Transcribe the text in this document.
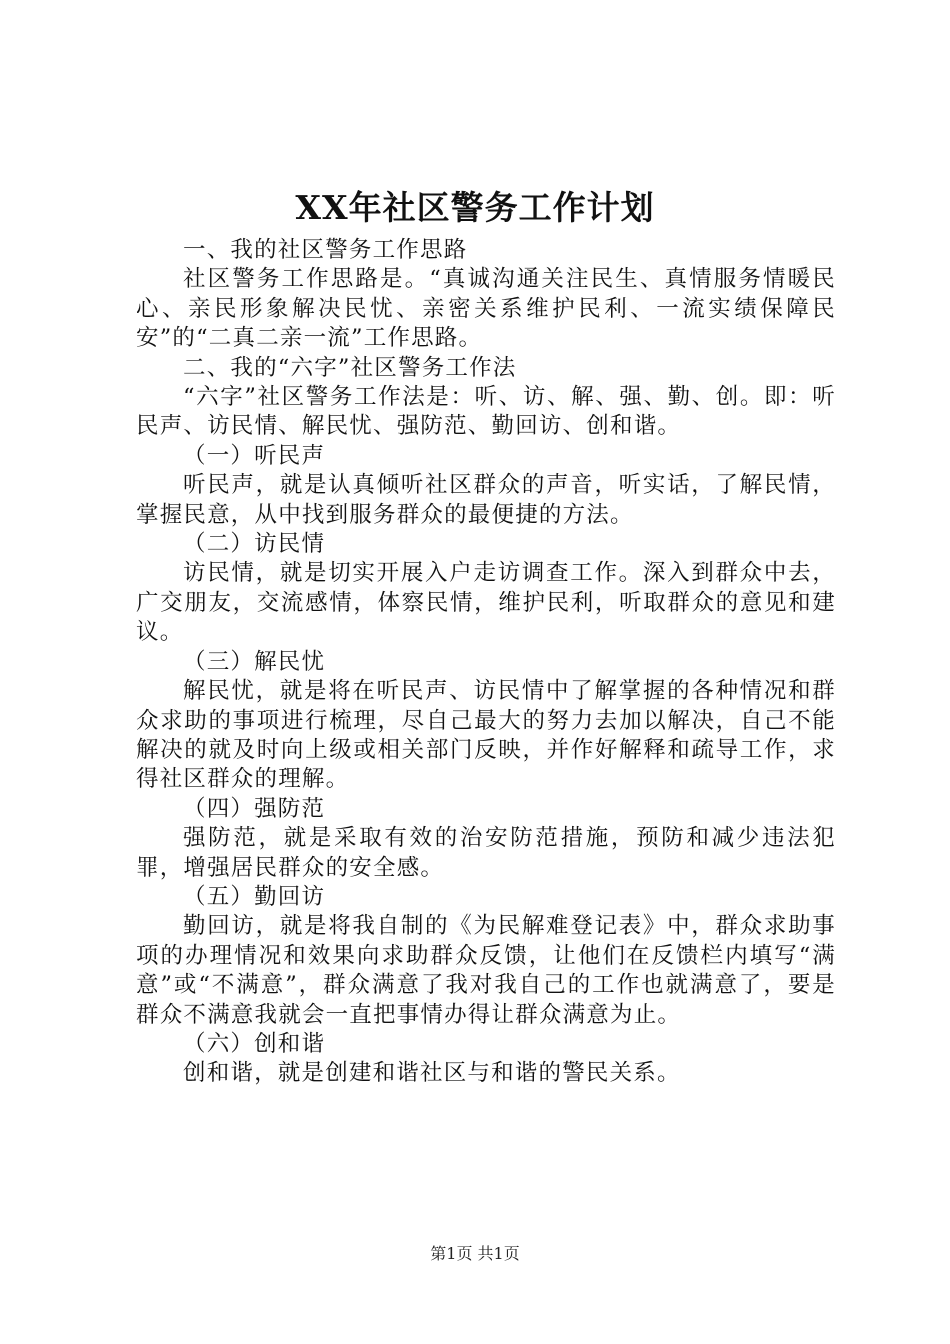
XX年社区警务工作计划

一、我的社区警务工作思路

社区警务工作思路是。“真诚沟通关注民生、真情服务情暖民心、亲民形象解决民忧、亲密关系维护民利、一流实绩保障民安”的“二真二亲一流”工作思路。

二、我的“六字”社区警务工作法

“六字”社区警务工作法是：听、访、解、强、勤、创。即：听民声、访民情、解民忧、强防范、勤回访、创和谐。

（一）听民声

听民声，就是认真倾听社区群众的声音，听实话，了解民情，掌握民意，从中找到服务群众的最便捷的方法。

（二）访民情

访民情，就是切实开展入户走访调查工作。深入到群众中去，广交朋友，交流感情，体察民情，维护民利，听取群众的意见和建议。

（三）解民忧

解民忧，就是将在听民声、访民情中了解掌握的各种情况和群众求助的事项进行梳理，尽自己最大的努力去加以解决，自己不能解决的就及时向上级或相关部门反映，并作好解释和疏导工作，求得社区群众的理解。

（四）强防范

强防范，就是采取有效的治安防范措施，预防和减少违法犯罪，增强居民群众的安全感。

（五）勤回访

勤回访，就是将我自制的《为民解难登记表》中，群众求助事项的办理情况和效果向求助群众反馈，让他们在反馈栏内填写“满意”或“不满意”，群众满意了我对我自己的工作也就满意了，要是群众不满意我就会一直把事情办得让群众满意为止。

（六）创和谐

创和谐，就是创建和谐社区与和谐的警民关系。

第1页 共1页
